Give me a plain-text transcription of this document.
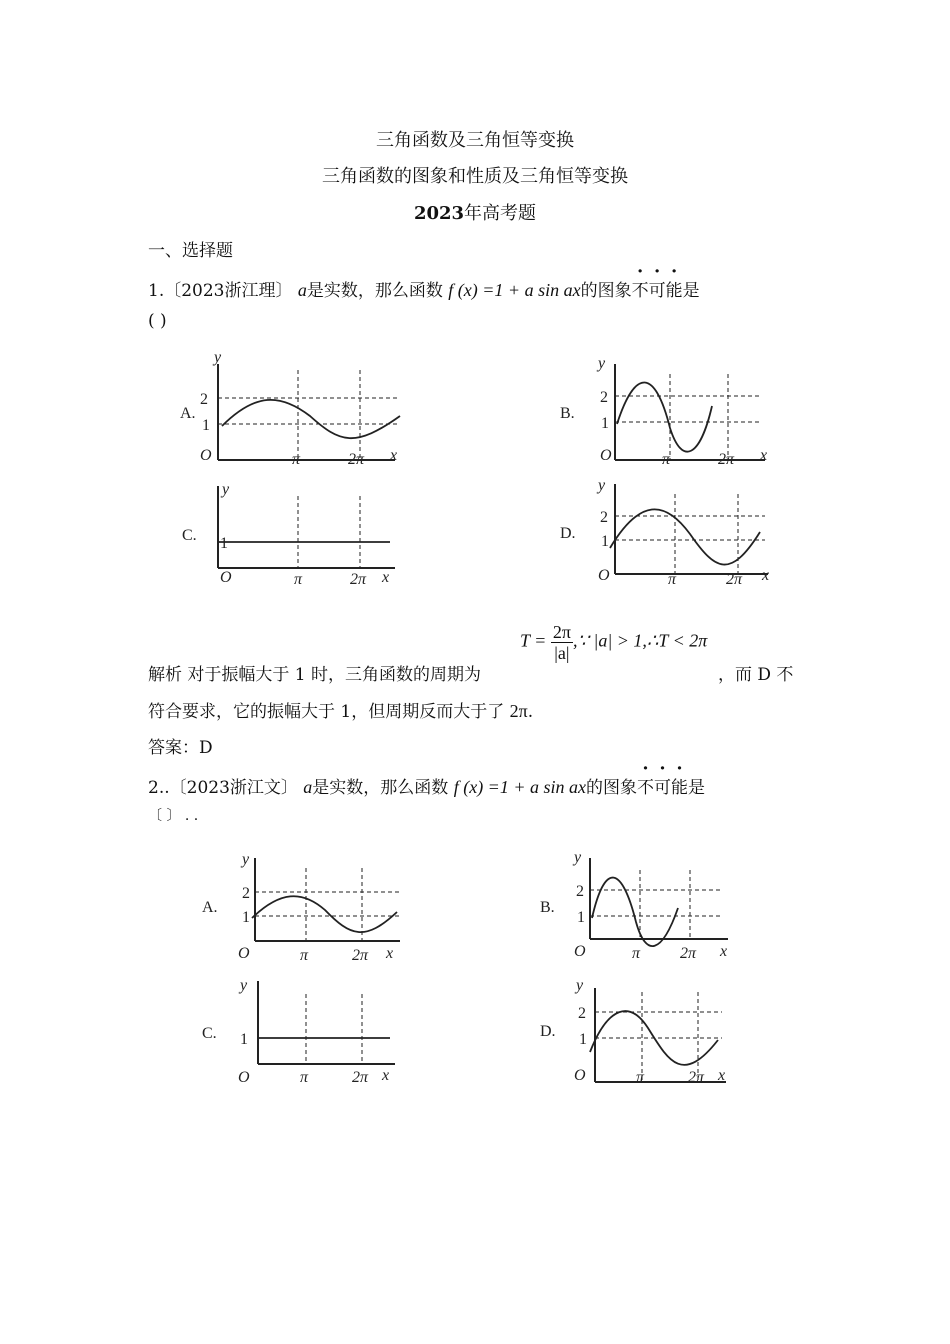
三角函数及三角恒等变换
三角函数的图象和性质及三角恒等变换
2023年高考题
一、选择题
1.〔2023浙江理〕 a是实数，那么函数 f (x) =1 + a sin ax的图象不可能是
( )
A.
y
2
1
O	π	2π x
B.
y
2
1
O	π	2π x
C.
y
1
O	π	2π x
D.
y
2
1
O	π	2π x
$T = \frac{2\pi}{|a|}$ ,∵ |a| > 1,∴T < 2π
解析 对于振幅大于 1 时，三角函数的周期为	，而 D 不
符合要求，它的振幅大于 1，但周期反而大于了 2π.
答案：D
2..〔2023浙江文〕 a是实数，那么函数 f (x) =1 + a sin ax的图象不可能是
〔 〕 . .
A.
y
2
1
O	π	2π x
B.
y
2
1
O	π 2π x
C.
y
1
O	π	2π x
D.
y
2
1
O	π	2π x
